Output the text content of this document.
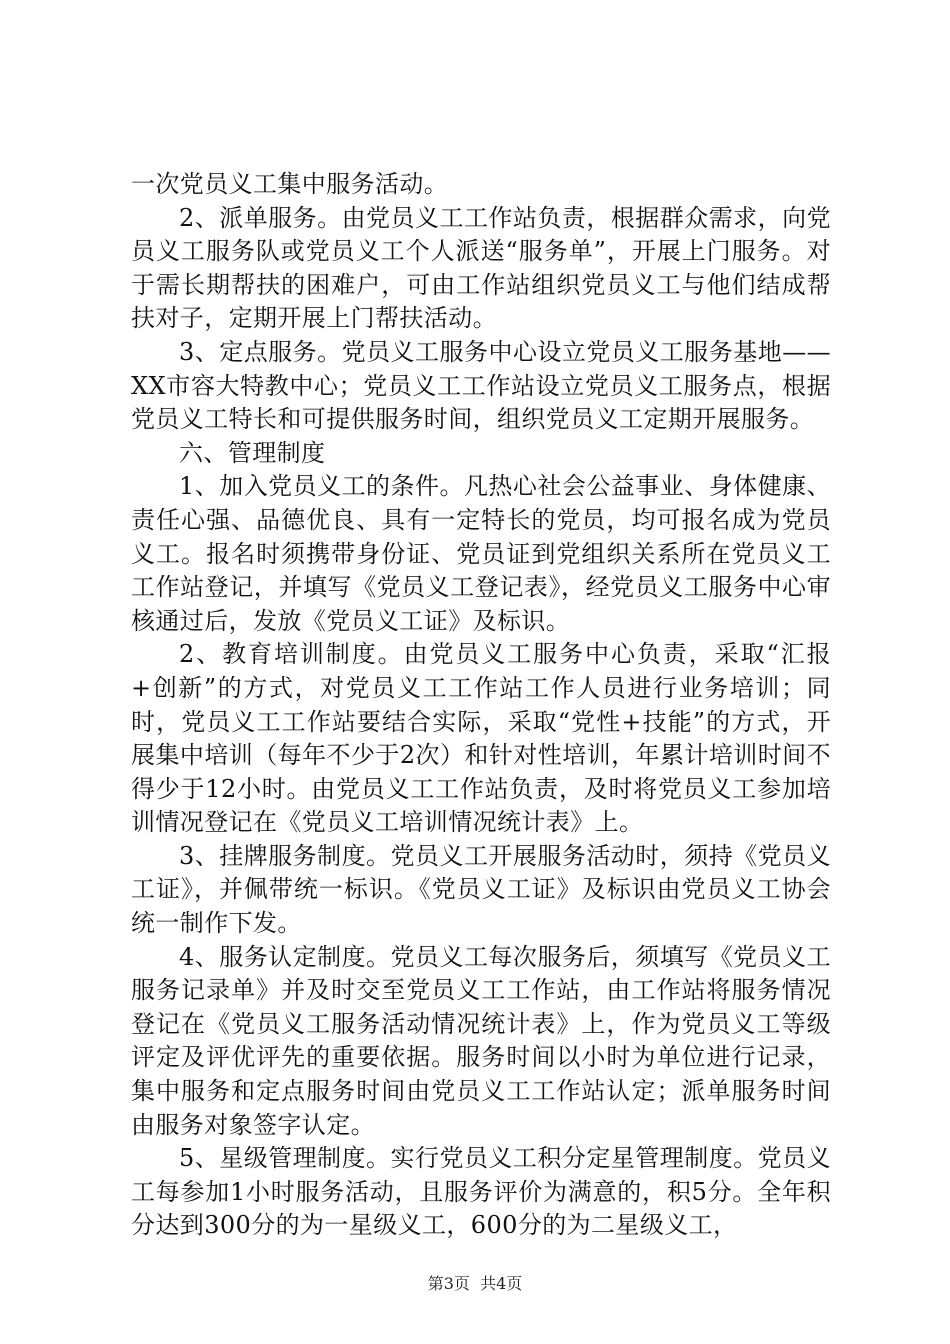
一次党员义工集中服务活动。

2、派单服务。由党员义工工作站负责，根据群众需求，向党员义工服务队或党员义工个人派送“服务单”，开展上门服务。对于需长期帮扶的困难户，可由工作站组织党员义工与他们结成帮扶对子，定期开展上门帮扶活动。

3、定点服务。党员义工服务中心设立党员义工服务基地——XX市容大特教中心；党员义工工作站设立党员义工服务点，根据党员义工特长和可提供服务时间，组织党员义工定期开展服务。

六、管理制度

1、加入党员义工的条件。凡热心社会公益事业、身体健康、责任心强、品德优良、具有一定特长的党员，均可报名成为党员义工。报名时须携带身份证、党员证到党组织关系所在党员义工工作站登记，并填写《党员义工登记表》，经党员义工服务中心审核通过后，发放《党员义工证》及标识。

2、教育培训制度。由党员义工服务中心负责，采取“汇报+创新”的方式，对党员义工工作站工作人员进行业务培训；同时，党员义工工作站要结合实际，采取“党性+技能”的方式，开展集中培训（每年不少于2次）和针对性培训，年累计培训时间不得少于12小时。由党员义工工作站负责，及时将党员义工参加培训情况登记在《党员义工培训情况统计表》上。

3、挂牌服务制度。党员义工开展服务活动时，须持《党员义工证》，并佩带统一标识。《党员义工证》及标识由党员义工协会统一制作下发。

4、服务认定制度。党员义工每次服务后，须填写《党员义工服务记录单》并及时交至党员义工工作站，由工作站将服务情况登记在《党员义工服务活动情况统计表》上，作为党员义工等级评定及评优评先的重要依据。服务时间以小时为单位进行记录，集中服务和定点服务时间由党员义工工作站认定；派单服务时间由服务对象签字认定。

5、星级管理制度。实行党员义工积分定星管理制度。党员义工每参加1小时服务活动，且服务评价为满意的，积5分。全年积分达到300分的为一星级义工，600分的为二星级义工，

第3页 共4页
